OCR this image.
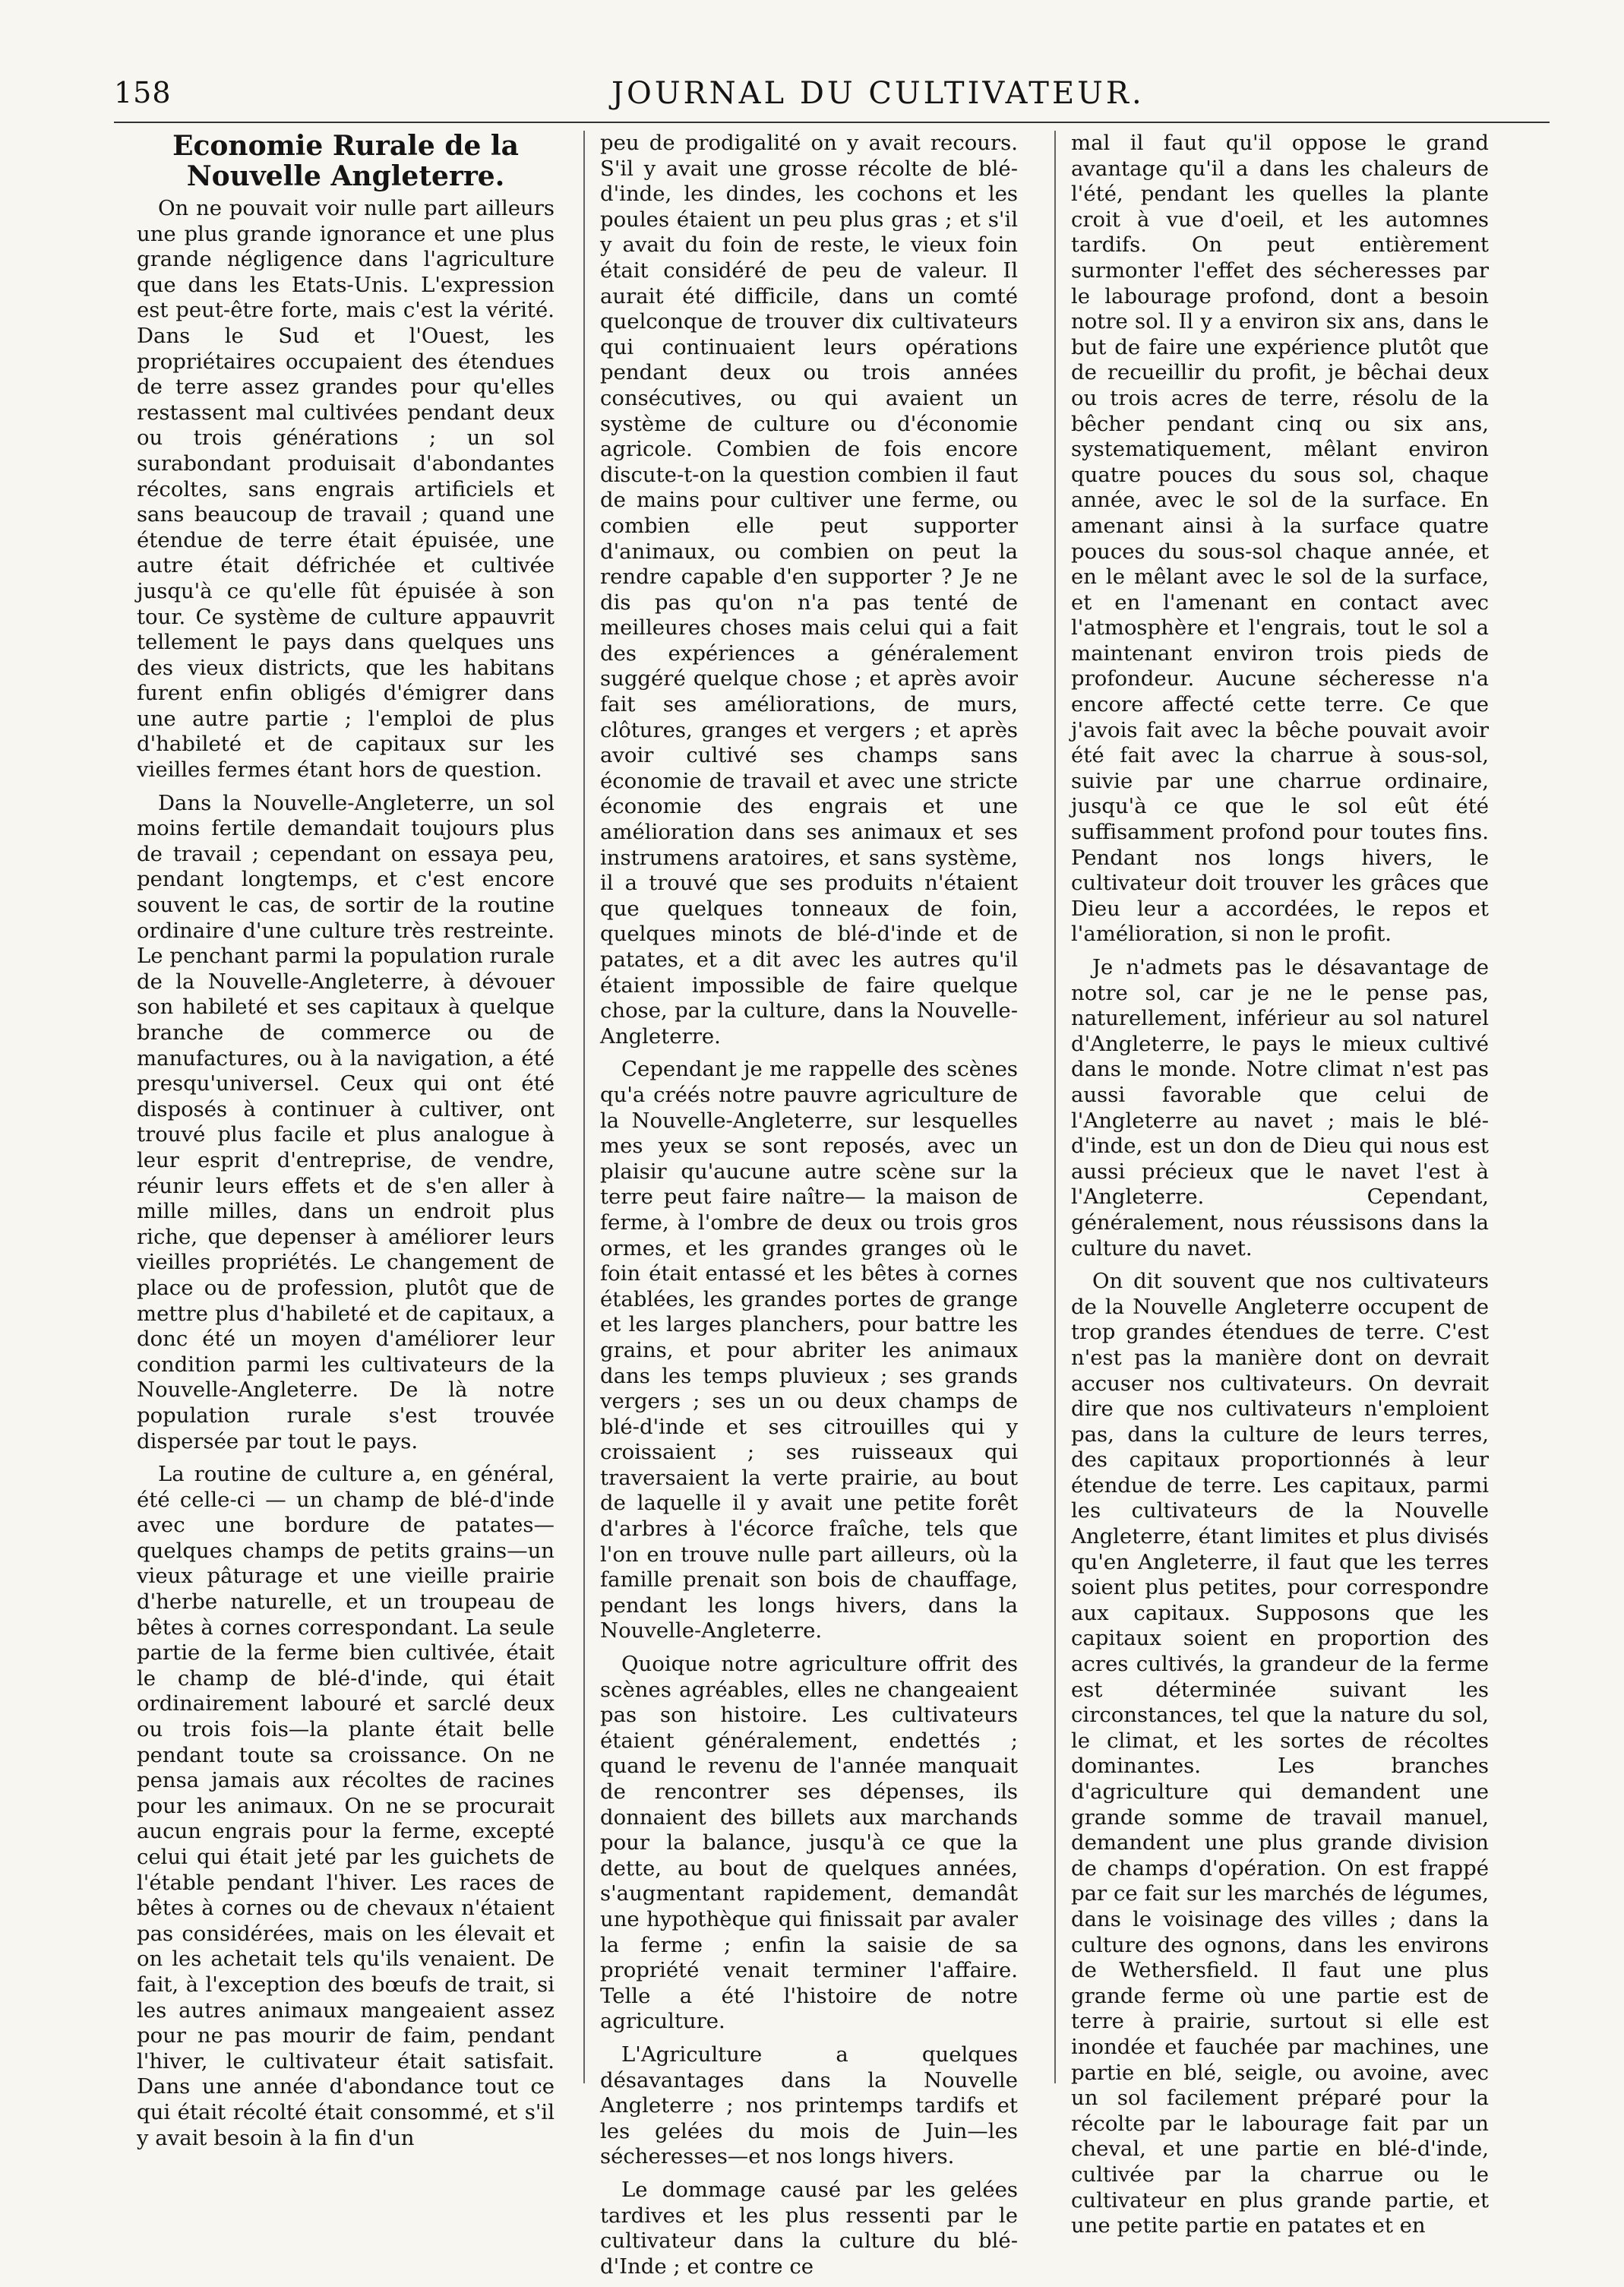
158	JOURNAL DU CULTIVATEUR.
Economie Rurale de la Nouvelle Angleterre.

On ne pouvait voir nulle part ailleurs une plus grande ignorance et une plus grande négligence dans l'agriculture que dans les Etats-Unis. L'expression est peut-être forte, mais c'est la vérité. Dans le Sud et l'Ouest, les propriétaires occupaient des étendues de terre assez grandes pour qu'elles restassent mal cultivées pendant deux ou trois générations ; un sol surabondant produisait d'abondantes récoltes, sans engrais artificiels et sans beaucoup de travail ; quand une étendue de terre était épuisée, une autre était défrichée et cultivée jusqu'à ce qu'elle fût épuisée à son tour. Ce système de culture appauvrit tellement le pays dans quelques uns des vieux districts, que les habitans furent enfin obligés d'émigrer dans une autre partie ; l'emploi de plus d'habileté et de capitaux sur les vieilles fermes étant hors de question.

Dans la Nouvelle-Angleterre, un sol moins fertile demandait toujours plus de travail ; cependant on essaya peu, pendant longtemps, et c'est encore souvent le cas, de sortir de la routine ordinaire d'une culture très restreinte. Le penchant parmi la population rurale de la Nouvelle-Angleterre, à dévouer son habileté et ses capitaux à quelque branche de commerce ou de manufactures, ou à la navigation, a été presqu'universel. Ceux qui ont été disposés à continuer à cultiver, ont trouvé plus facile et plus analogue à leur esprit d'entreprise, de vendre, réunir leurs effets et de s'en aller à mille milles, dans un endroit plus riche, que depenser à améliorer leurs vieilles propriétés. Le changement de place ou de profession, plutôt que de mettre plus d'habileté et de capitaux, a donc été un moyen d'améliorer leur condition parmi les cultivateurs de la Nouvelle-Angleterre. De là notre population rurale s'est trouvée dispersée par tout le pays.

La routine de culture a, en général, été celle-ci — un champ de blé-d'inde avec une bordure de patates—quelques champs de petits grains—un vieux pâturage et une vieille prairie d'herbe naturelle, et un troupeau de bêtes à cornes correspondant. La seule partie de la ferme bien cultivée, était le champ de blé-d'inde, qui était ordinairement labouré et sarclé deux ou trois fois—la plante était belle pendant toute sa croissance. On ne pensa jamais aux récoltes de racines pour les animaux. On ne se procurait aucun engrais pour la ferme, excepté celui qui était jeté par les guichets de l'étable pendant l'hiver. Les races de bêtes à cornes ou de chevaux n'étaient pas considérées, mais on les élevait et on les achetait tels qu'ils venaient. De fait, à l'exception des bœufs de trait, si les autres animaux mangeaient assez pour ne pas mourir de faim, pendant l'hiver, le cultivateur était satisfait. Dans une année d'abondance tout ce qui était récolté était consommé, et s'il y avait besoin à la fin d'un

peu de prodigalité on y avait recours. S'il y avait une grosse récolte de blé-d'inde, les dindes, les cochons et les poules étaient un peu plus gras ; et s'il y avait du foin de reste, le vieux foin était considéré de peu de valeur. Il aurait été difficile, dans un comté quelconque de trouver dix cultivateurs qui continuaient leurs opérations pendant deux ou trois années consécutives, ou qui avaient un système de culture ou d'économie agricole. Combien de fois encore discute-t-on la question combien il faut de mains pour cultiver une ferme, ou combien elle peut supporter d'animaux, ou combien on peut la rendre capable d'en supporter ? Je ne dis pas qu'on n'a pas tenté de meilleures choses mais celui qui a fait des expériences a généralement suggéré quelque chose ; et après avoir fait ses améliorations, de murs, clôtures, granges et vergers ; et après avoir cultivé ses champs sans économie de travail et avec une stricte économie des engrais et une amélioration dans ses animaux et ses instrumens aratoires, et sans système, il a trouvé que ses produits n'étaient que quelques tonneaux de foin, quelques minots de blé-d'inde et de patates, et a dit avec les autres qu'il étaient impossible de faire quelque chose, par la culture, dans la Nouvelle-Angleterre.

Cependant je me rappelle des scènes qu'a créés notre pauvre agriculture de la Nouvelle-Angleterre, sur lesquelles mes yeux se sont reposés, avec un plaisir qu'aucune autre scène sur la terre peut faire naître— la maison de ferme, à l'ombre de deux ou trois gros ormes, et les grandes granges où le foin était entassé et les bêtes à cornes établées, les grandes portes de grange et les larges planchers, pour battre les grains, et pour abriter les animaux dans les temps pluvieux ; ses grands vergers ; ses un ou deux champs de blé-d'inde et ses citrouilles qui y croissaient ; ses ruisseaux qui traversaient la verte prairie, au bout de laquelle il y avait une petite forêt d'arbres à l'écorce fraîche, tels que l'on en trouve nulle part ailleurs, où la famille prenait son bois de chauffage, pendant les longs hivers, dans la Nouvelle-Angleterre.

Quoique notre agriculture offrit des scènes agréables, elles ne changeaient pas son histoire. Les cultivateurs étaient généralement, endettés ; quand le revenu de l'année manquait de rencontrer ses dépenses, ils donnaient des billets aux marchands pour la balance, jusqu'à ce que la dette, au bout de quelques années, s'augmentant rapidement, demandât une hypothèque qui finissait par avaler la ferme ; enfin la saisie de sa propriété venait terminer l'affaire. Telle a été l'histoire de notre agriculture.

L'Agriculture a quelques désavantages dans la Nouvelle Angleterre ; nos printemps tardifs et les gelées du mois de Juin—les sécheresses—et nos longs hivers.

Le dommage causé par les gelées tardives et les plus ressenti par le cultivateur dans la culture du blé-d'Inde ; et contre ce

mal il faut qu'il oppose le grand avantage qu'il a dans les chaleurs de l'été, pendant les quelles la plante croit à vue d'oeil, et les automnes tardifs. On peut entièrement surmonter l'effet des sécheresses par le labourage profond, dont a besoin notre sol. Il y a environ six ans, dans le but de faire une expérience plutôt que de recueillir du profit, je bêchai deux ou trois acres de terre, résolu de la bêcher pendant cinq ou six ans, systematiquement, mêlant environ quatre pouces du sous sol, chaque année, avec le sol de la surface. En amenant ainsi à la surface quatre pouces du sous-sol chaque année, et en le mêlant avec le sol de la surface, et en l'amenant en contact avec l'atmosphère et l'engrais, tout le sol a maintenant environ trois pieds de profondeur. Aucune sécheresse n'a encore affecté cette terre. Ce que j'avois fait avec la bêche pouvait avoir été fait avec la charrue à sous-sol, suivie par une charrue ordinaire, jusqu'à ce que le sol eût été suffisamment profond pour toutes fins. Pendant nos longs hivers, le cultivateur doit trouver les grâces que Dieu leur a accordées, le repos et l'amélioration, si non le profit.

Je n'admets pas le désavantage de notre sol, car je ne le pense pas, naturellement, inférieur au sol naturel d'Angleterre, le pays le mieux cultivé dans le monde. Notre climat n'est pas aussi favorable que celui de l'Angleterre au navet ; mais le blé-d'inde, est un don de Dieu qui nous est aussi précieux que le navet l'est à l'Angleterre. Cependant, généralement, nous réussisons dans la culture du navet.

On dit souvent que nos cultivateurs de la Nouvelle Angleterre occupent de trop grandes étendues de terre. C'est n'est pas la manière dont on devrait accuser nos cultivateurs. On devrait dire que nos cultivateurs n'emploient pas, dans la culture de leurs terres, des capitaux proportionnés à leur étendue de terre. Les capitaux, parmi les cultivateurs de la Nouvelle Angleterre, étant limites et plus divisés qu'en Angleterre, il faut que les terres soient plus petites, pour correspondre aux capitaux. Supposons que les capitaux soient en proportion des acres cultivés, la grandeur de la ferme est déterminée suivant les circonstances, tel que la nature du sol, le climat, et les sortes de récoltes dominantes. Les branches d'agriculture qui demandent une grande somme de travail manuel, demandent une plus grande division de champs d'opération. On est frappé par ce fait sur les marchés de légumes, dans le voisinage des villes ; dans la culture des ognons, dans les environs de Wethersfield. Il faut une plus grande ferme où une partie est de terre à prairie, surtout si elle est inondée et fauchée par machines, une partie en blé, seigle, ou avoine, avec un sol facilement préparé pour la récolte par le labourage fait par un cheval, et une partie en blé-d'inde, cultivée par la charrue ou le cultivateur en plus grande partie, et une petite partie en patates et en
